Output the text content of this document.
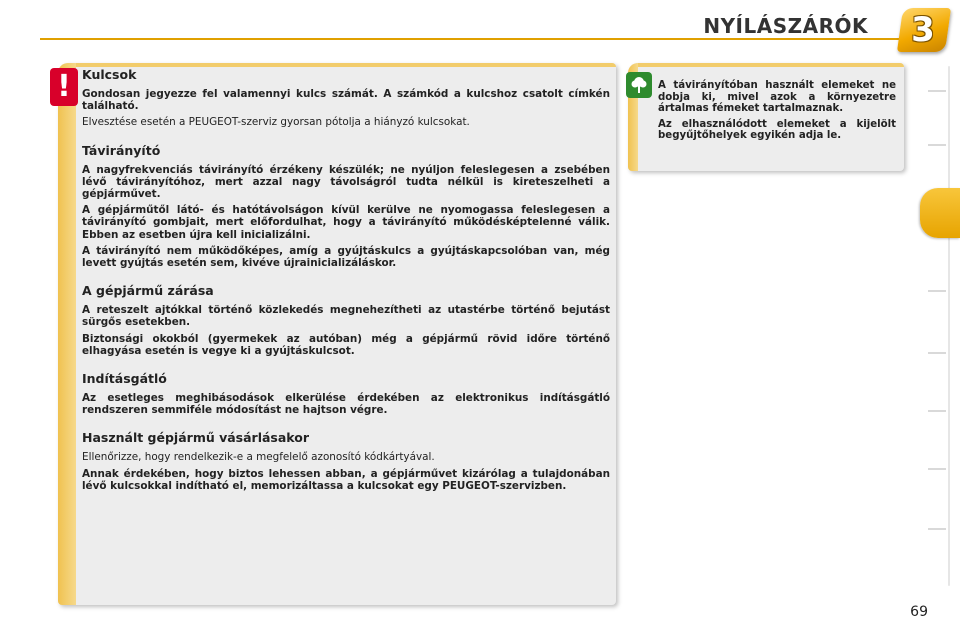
NYÍLÁSZÁRÓK 3
! Kulcsok

Gondosan jegyezze fel valamennyi kulcs számát. A számkód a kulcshoz csatolt címkén található.

Elvesztése esetén a PEUGEOT-szerviz gyorsan pótolja a hiányzó kulcsokat.

Távirányító

A nagyfrekvenciás távirányító érzékeny készülék; ne nyúljon feleslegesen a zsebében lévő távirányítóhoz, mert azzal nagy távolságról tudta nélkül is kireteszelheti a gépjárművet.

A gépjárműtől látó- és hatótávolságon kívül kerülve ne nyomogassa feleslegesen a távirányító gombjait, mert előfordulhat, hogy a távirányító működésképtelenné válik. Ebben az esetben újra kell inicializálni.

A távirányító nem működőképes, amíg a gyújtáskulcs a gyújtáskapcsolóban van, még levett gyújtás esetén sem, kivéve újrainicializáláskor.

A gépjármű zárása

A reteszelt ajtókkal történő közlekedés megnehezítheti az utastérbe történő bejutást sürgős esetekben.

Biztonsági okokból (gyermekek az autóban) még a gépjármű rövid időre történő elhagyása esetén is vegye ki a gyújtáskulcsot.

Indításgátló

Az esetleges meghibásodások elkerülése érdekében az elektronikus indításgátló rendszeren semmiféle módosítást ne hajtson végre.

Használt gépjármű vásárlásakor

Ellenőrizze, hogy rendelkezik-e a megfelelő azonosító kódkártyával.

Annak érdekében, hogy biztos lehessen abban, a gépjárművet kizárólag a tulajdonában lévő kulcsokkal indítható el, memorizáltassa a kulcsokat egy PEUGEOT-szervizben.

A távirányítóban használt elemeket ne dobja ki, mivel azok a környezetre ártalmas fémeket tartalmaznak.

Az elhasználódott elemeket a kijelölt begyűjtőhelyek egyikén adja le.

69
